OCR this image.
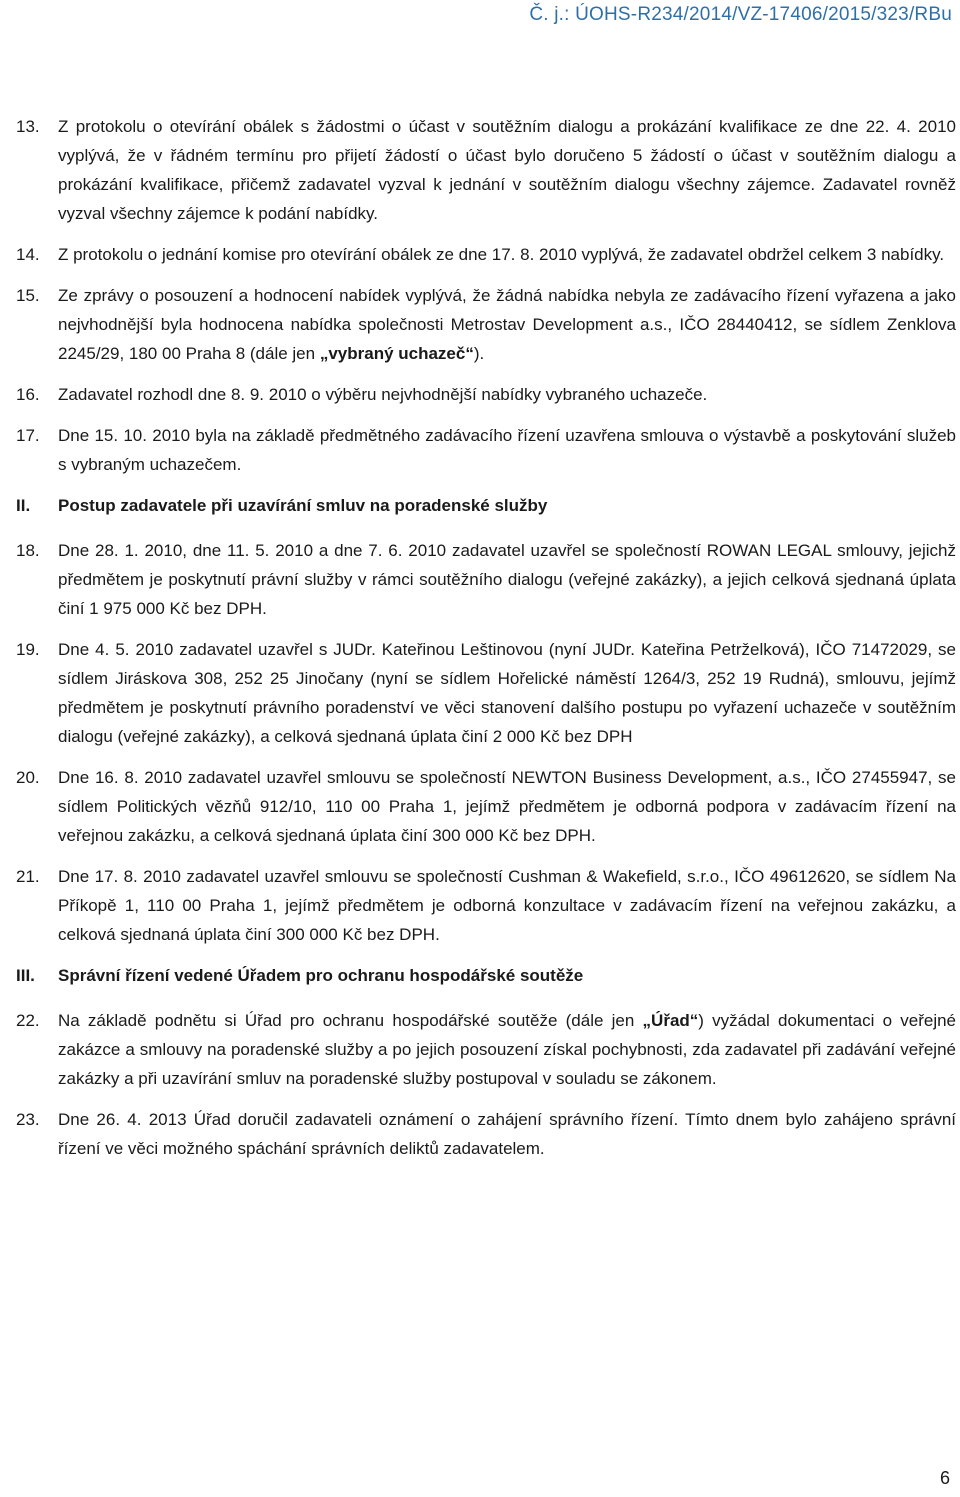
Č. j.: ÚOHS-R234/2014/VZ-17406/2015/323/RBu
13.	Z protokolu o otevírání obálek s žádostmi o účast v soutěžním dialogu a prokázání kvalifikace ze dne 22. 4. 2010 vyplývá, že v řádném termínu pro přijetí žádostí o účast bylo doručeno 5 žádostí o účast v soutěžním dialogu a prokázání kvalifikace, přičemž zadavatel vyzval k jednání v soutěžním dialogu všechny zájemce. Zadavatel rovněž vyzval všechny zájemce k podání nabídky.
14.	Z protokolu o jednání komise pro otevírání obálek ze dne 17. 8. 2010 vyplývá, že zadavatel obdržel celkem 3 nabídky.
15.	Ze zprávy o posouzení a hodnocení nabídek vyplývá, že žádná nabídka nebyla ze zadávacího řízení vyřazena a jako nejvhodnější byla hodnocena nabídka společnosti Metrostav Development a.s., IČO 28440412, se sídlem Zenklova 2245/29, 180 00 Praha 8 (dále jen „vybraný uchazeč“).
16.	Zadavatel rozhodl dne 8. 9. 2010 o výběru nejvhodnější nabídky vybraného uchazeče.
17.	Dne 15. 10. 2010 byla na základě předmětného zadávacího řízení uzavřena smlouva o výstavbě a poskytování služeb s vybraným uchazečem.
II.	Postup zadavatele při uzavírání smluv na poradenské služby
18.	Dne 28. 1. 2010, dne 11. 5. 2010 a dne 7. 6. 2010 zadavatel uzavřel se společností ROWAN LEGAL smlouvy, jejichž předmětem je poskytnutí právní služby v rámci soutěžního dialogu (veřejné zakázky), a jejich celková sjednaná úplata činí 1 975 000 Kč bez DPH.
19.	Dne 4. 5. 2010 zadavatel uzavřel s JUDr. Kateřinou Leštinovou (nyní JUDr. Kateřina Petrželková), IČO 71472029, se sídlem Jiráskova 308, 252 25 Jinočany (nyní se sídlem Hořelické náměstí 1264/3, 252 19 Rudná), smlouvu, jejímž předmětem je poskytnutí právního poradenství ve věci stanovení dalšího postupu po vyřazení uchazeče v soutěžním dialogu (veřejné zakázky), a celková sjednaná úplata činí 2 000 Kč bez DPH
20.	Dne 16. 8. 2010 zadavatel uzavřel smlouvu se společností NEWTON Business Development, a.s., IČO 27455947, se sídlem Politických vězňů 912/10, 110 00 Praha 1, jejímž předmětem je odborná podpora v zadávacím řízení na veřejnou zakázku, a celková sjednaná úplata činí 300 000 Kč bez DPH.
21.	Dne 17. 8. 2010 zadavatel uzavřel smlouvu se společností Cushman & Wakefield, s.r.o., IČO 49612620, se sídlem Na Příkopě 1, 110 00 Praha 1, jejímž předmětem je odborná konzultace v zadávacím řízení na veřejnou zakázku, a celková sjednaná úplata činí 300 000 Kč bez DPH.
III.	Správní řízení vedené Úřadem pro ochranu hospodářské soutěže
22.	Na základě podnětu si Úřad pro ochranu hospodářské soutěže (dále jen „Úřad“) vyžádal dokumentaci o veřejné zakázce a smlouvy na poradenské služby a po jejich posouzení získal pochybnosti, zda zadavatel při zadávání veřejné zakázky a při uzavírání smluv na poradenské služby postupoval v souladu se zákonem.
23.	Dne 26. 4. 2013 Úřad doručil zadavateli oznámení o zahájení správního řízení. Tímto dnem bylo zahájeno správní řízení ve věci možného spáchání správních deliktů zadavatelem.
6
